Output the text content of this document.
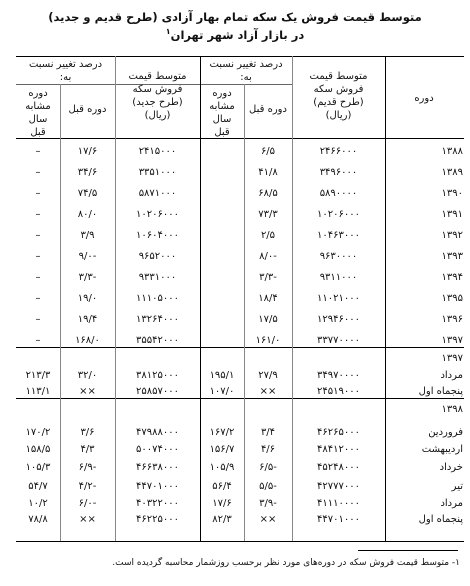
متوسط قیمت فروش یک سکه تمام بهار آزادی (طرح قدیم و جدید)
در بازار آزاد شهر تهران$^۱$
دوره
متوسط قیمت
فروش سکه
(طرح قدیم)
(ریال)
درصد تغییر نسبت
به:
دوره قبل
دوره
مشابه
سال
قبل
متوسط قیمت
فروش سکه
(طرح جدید)
(ریال)
درصد تغییر نسبت
به:
دوره قبل
دوره
مشابه
سال
قبل
۱۳۸۸
۲۴۶۶۰۰۰
۶/۵
۲۴۱۵۰۰۰
۱۷/۶
–
۱۳۸۹
۳۴۹۶۰۰۰
۴۱/۸
۳۳۵۱۰۰۰
۳۴/۶
–
۱۳۹۰
۵۸۹۰۰۰۰
۶۸/۵
۵۸۷۱۰۰۰
۷۴/۵
–
۱۳۹۱
۱۰۲۰۶۰۰۰
۷۳/۳
۱۰۲۰۶۰۰۰
۸۰/۰
–
۱۳۹۲
۱۰۴۶۳۰۰۰
۲/۵
۱۰۶۰۴۰۰۰
۳/۹
–
۱۳۹۳
۹۶۳۰۰۰۰
-۸/۰
۹۶۵۲۰۰۰
-۹/۰
–
۱۳۹۴
۹۳۱۱۰۰۰
-۳/۳
۹۳۳۱۰۰۰
-۳/۳
–
۱۳۹۵
۱۱۰۲۱۰۰۰
۱۸/۴
۱۱۱۰۵۰۰۰
۱۹/۰
–
۱۳۹۶
۱۲۹۴۶۰۰۰
۱۷/۵
۱۳۲۶۴۰۰۰
۱۹/۴
–
۱۳۹۷
۳۳۷۷۰۰۰۰
۱۶۱/۰
۳۵۵۴۲۰۰۰
۱۶۸/۰
–
۱۳۹۷
مرداد
۳۴۹۷۰۰۰۰
۲۷/۹
۱۹۵/۱
۳۸۱۲۵۰۰۰
۳۲/۰
۲۱۳/۳
پنجماه اول
۲۴۵۱۹۰۰۰
××
۱۰۷/۰
۲۵۸۵۷۰۰۰
××
۱۱۳/۱
۱۳۹۸
فروردین
۴۶۲۶۵۰۰۰
۳/۴
۱۶۷/۲
۴۷۹۸۸۰۰۰
۳/۶
۱۷۰/۲
اردیبهشت
۴۸۴۱۲۰۰۰
۴/۶
۱۵۶/۷
۵۰۰۷۴۰۰۰
۴/۳
۱۵۸/۵
خرداد
۴۵۲۴۸۰۰۰
-۶/۵
۱۰۵/۹
۴۶۶۳۸۰۰۰
-۶/۹
۱۰۵/۳
تیر
۴۲۷۷۷۰۰۰
-۵/۵
۵۶/۴
۴۴۷۰۱۰۰۰
-۴/۲
۵۴/۷
مرداد
۴۱۱۱۰۰۰۰
-۳/۹
۱۷/۶
۴۰۳۲۲۰۰۰
-۶/۰
۱۰/۲
پنجماه اول
۴۴۷۰۱۰۰۰
××
۸۲/۳
۴۶۲۲۵۰۰۰
××
۷۸/۸
۱- متوسط قیمت فروش سکه در دوره‌های مورد نظر برحسب روزشمار محاسبه گردیده است.
